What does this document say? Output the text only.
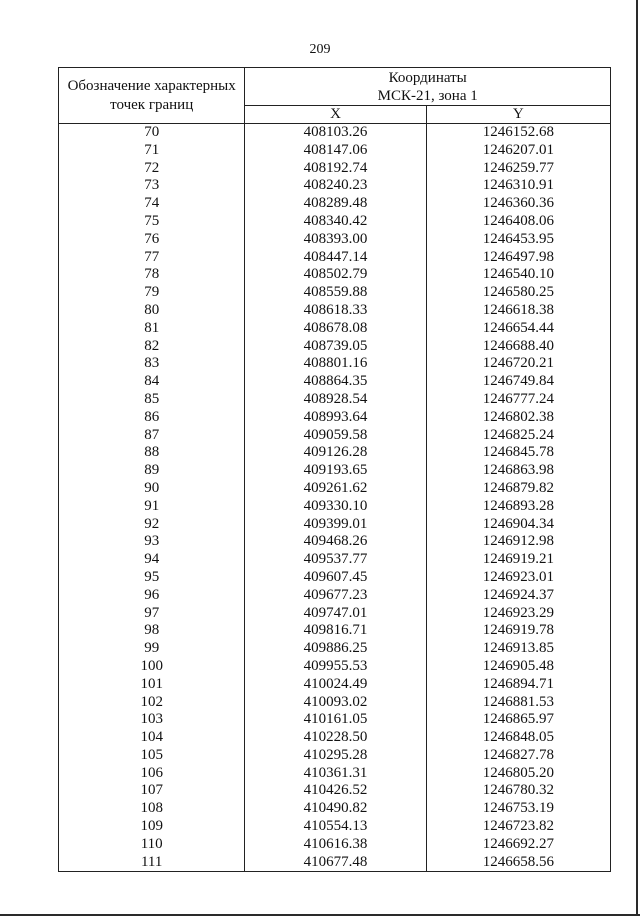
209
Обозначение характерных точек границ	Координаты
МСК-21, зона 1	

	X	Y
70	408103.26	1246152.68
71	408147.06	1246207.01
72	408192.74	1246259.77
73	408240.23	1246310.91
74	408289.48	1246360.36
75	408340.42	1246408.06
76	408393.00	1246453.95
77	408447.14	1246497.98
78	408502.79	1246540.10
79	408559.88	1246580.25
80	408618.33	1246618.38
81	408678.08	1246654.44
82	408739.05	1246688.40
83	408801.16	1246720.21
84	408864.35	1246749.84
85	408928.54	1246777.24
86	408993.64	1246802.38
87	409059.58	1246825.24
88	409126.28	1246845.78
89	409193.65	1246863.98
90	409261.62	1246879.82
91	409330.10	1246893.28
92	409399.01	1246904.34
93	409468.26	1246912.98
94	409537.77	1246919.21
95	409607.45	1246923.01
96	409677.23	1246924.37
97	409747.01	1246923.29
98	409816.71	1246919.78
99	409886.25	1246913.85
100	409955.53	1246905.48
101	410024.49	1246894.71
102	410093.02	1246881.53
103	410161.05	1246865.97
104	410228.50	1246848.05
105	410295.28	1246827.78
106	410361.31	1246805.20
107	410426.52	1246780.32
108	410490.82	1246753.19
109	410554.13	1246723.82
110	410616.38	1246692.27
111	410677.48	1246658.56
